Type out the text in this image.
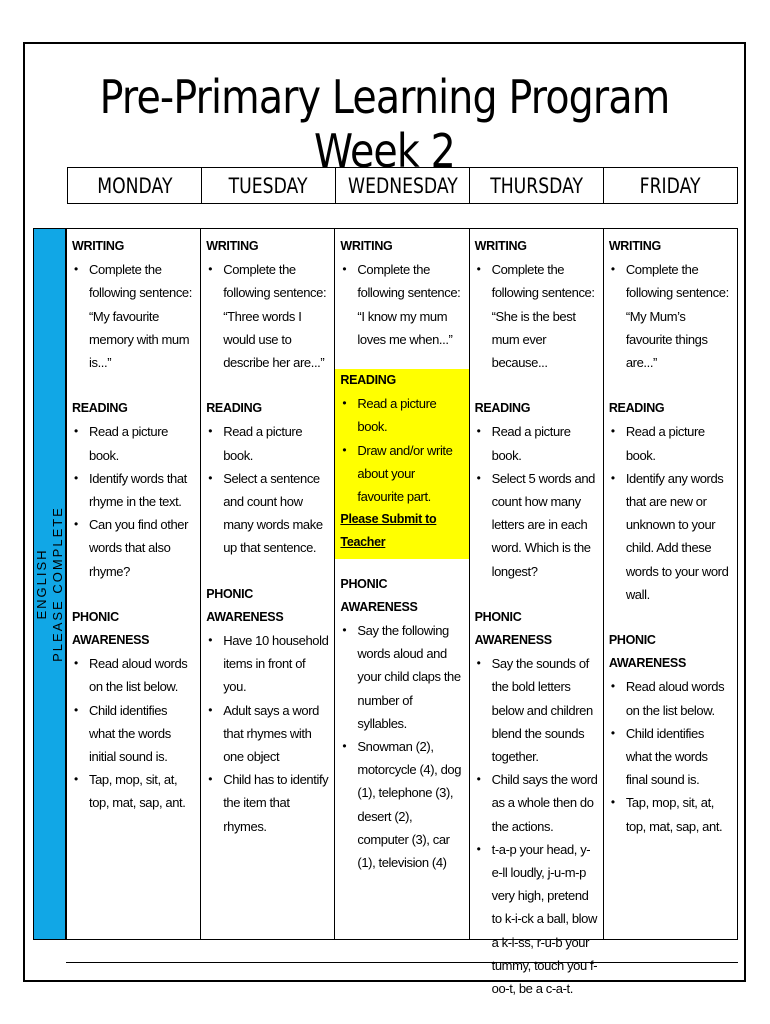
Pre-Primary Learning Program Week 2
MONDAY	TUESDAY WEDNESDAY THURSDAY	FRIDAY
ENGLISH PLEASE COMPLETE
WRITING
• Complete the following sentence: “My favourite memory with mum is...”
READING
• Read a picture book.
• Identify words that rhyme in the text.
• Can you find other words that also rhyme?
PHONIC AWARENESS
• Read aloud words on the list below.
• Child identifies what the words initial sound is.
• Tap, mop, sit, at, top, mat, sap, ant.
WRITING
• Complete the following sentence: “Three words I would use to describe her are...”
READING
• Read a picture book.
• Select a sentence and count how many words make up that sentence.
PHONIC AWARENESS
• Have 10 household items in front of you.
• Adult says a word that rhymes with one object
• Child has to identify the item that rhymes.
WRITING
• Complete the following sentence: “I know my mum loves me when...”
READING
• Read a picture book.
• Draw and/or write about your favourite part.
Please Submit to Teacher
PHONIC AWARENESS
• Say the following words aloud and your child claps the number of syllables.
• Snowman (2), motorcycle (4), dog (1), telephone (3), desert (2), computer (3), car (1), television (4)
WRITING
• Complete the following sentence: “She is the best mum ever because...
READING
• Read a picture book.
• Select 5 words and count how many letters are in each word. Which is the longest?
PHONIC AWARENESS
• Say the sounds of the bold letters below and children blend the sounds together.
• Child says the word as a whole then do the actions.
• t-a-p your head, y-e-ll loudly, j-u-m-p very high, pretend to k-i-ck a ball, blow a k-i-ss, r-u-b your tummy, touch you f-oo-t, be a c-a-t.
WRITING
• Complete the following sentence: “My Mum’s favourite things are...”
READING
• Read a picture book.
• Identify any words that are new or unknown to your child. Add these words to your word wall.
PHONIC AWARENESS
• Read aloud words on the list below.
• Child identifies what the words final sound is.
• Tap, mop, sit, at, top, mat, sap, ant.
